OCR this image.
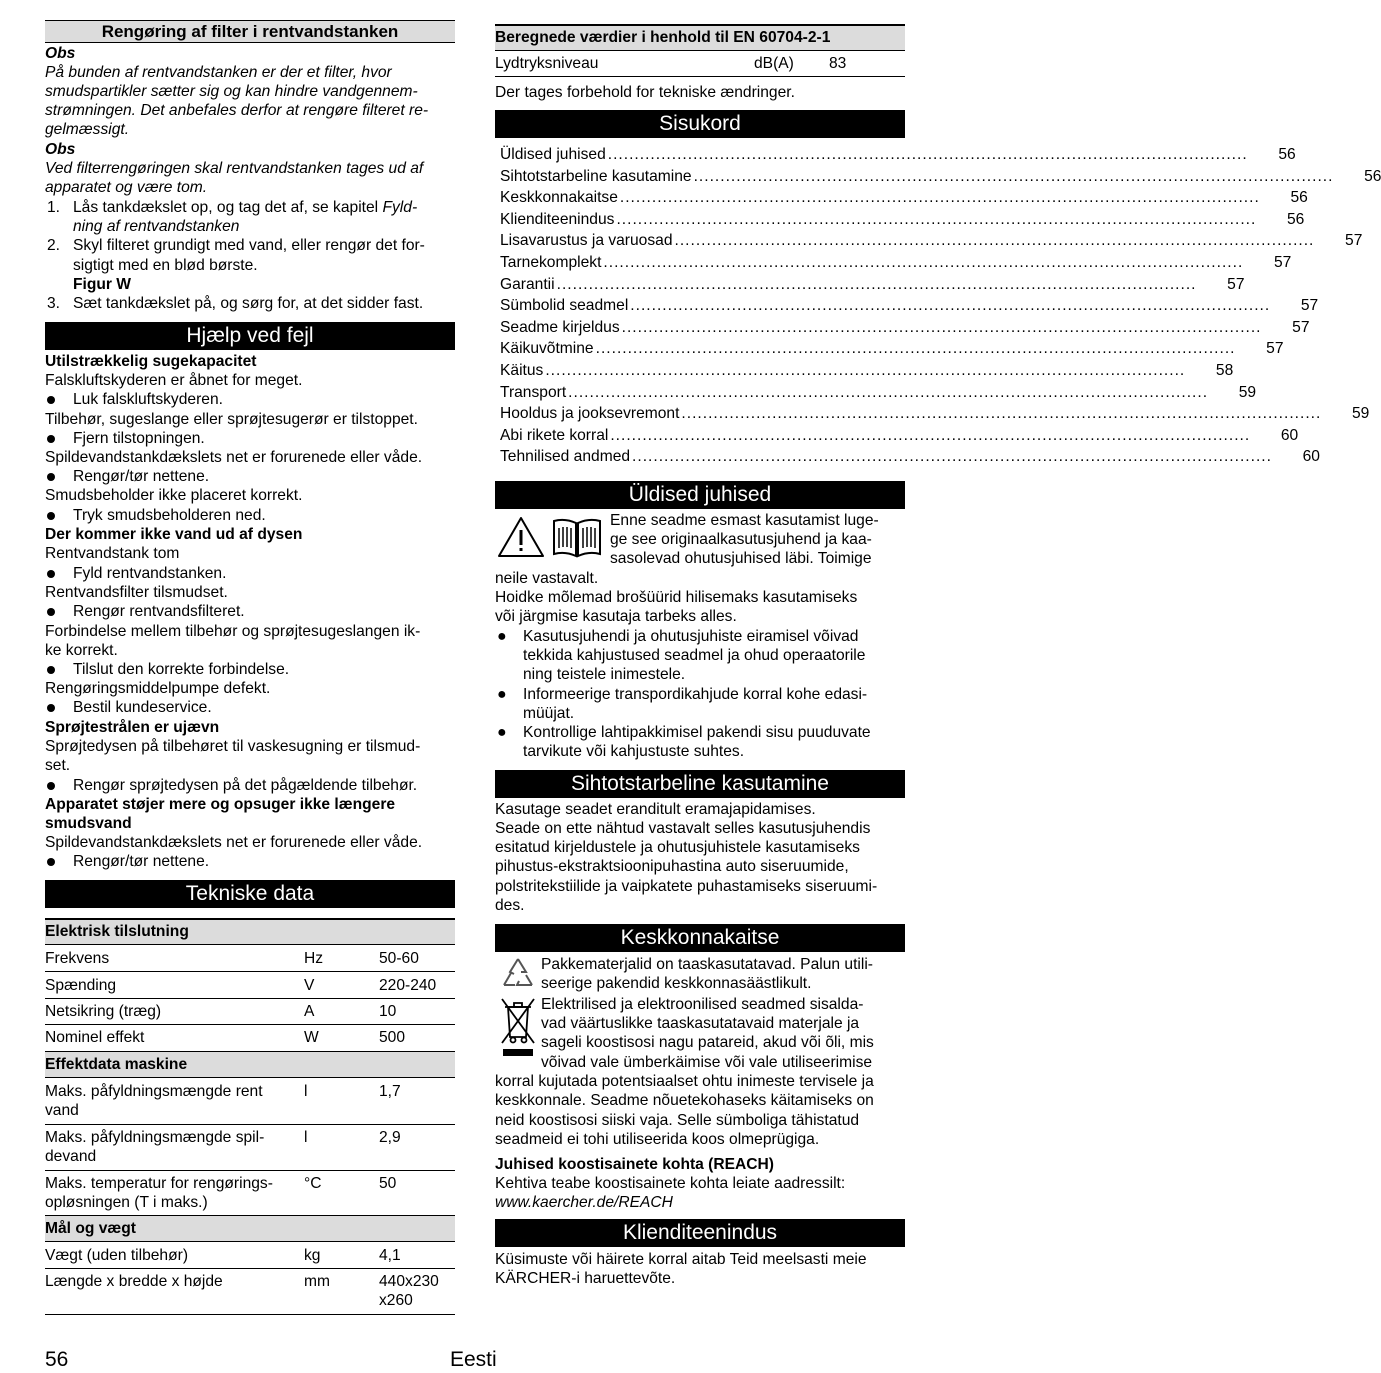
Rengøring af filter i rentvandstanken
Obs
På bunden af rentvandstanken er der et filter, hvor
smudspartikler sætter sig og kan hindre vandgennem-
strømningen. Det anbefales derfor at rengøre filteret re-
gelmæssigt.
Obs
Ved filterrengøringen skal rentvandstanken tages ud af
apparatet og være tom.
1. Lås tankdækslet op, og tag det af, se kapitel Fyld-
ning af rentvandstanken
2. Skyl filteret grundigt med vand, eller rengør det for-
sigtigt med en blød børste.
Figur W
3. Sæt tankdækslet på, og sørg for, at det sidder fast.
Hjælp ved fejl
Utilstrækkelig sugekapacitet
Falskluftskyderen er åbnet for meget.
Luk falskluftskyderen.
Tilbehør, sugeslange eller sprøjtesugerør er tilstoppet.
Fjern tilstopningen.
Spildevandstankdækslets net er forurenede eller våde.
Rengør/tør nettene.
Smudsbeholder ikke placeret korrekt.
Tryk smudsbeholderen ned.
Der kommer ikke vand ud af dysen
Rentvandstank tom
Fyld rentvandstanken.
Rentvandsfilter tilsmudset.
Rengør rentvandsfilteret.
Forbindelse mellem tilbehør og sprøjtesugeslangen ik-
ke korrekt.
Tilslut den korrekte forbindelse.
Rengøringsmiddelpumpe defekt.
Bestil kundeservice.
Sprøjtestrålen er ujævn
Sprøjtedysen på tilbehøret til vaskesugning er tilsmud-
set.
Rengør sprøjtedysen på det pågældende tilbehør.
Apparatet støjer mere og opsuger ikke længere
smudsvand
Spildevandstankdækslets net er forurenede eller våde.
Rengør/tør nettene.
Tekniske data
Elektrisk tilslutning
Frekvens	Hz	50-60
Spænding	V	220-240
Netsikring (træg)	A	10
Nominel effekt	W	500
Effektdata maskine
Maks. påfyldningsmængde rent
vand
l	1,7
Maks. påfyldningsmængde spil-
devand
l	2,9
Maks. temperatur for rengørings-
opløsningen (T i maks.)
°C	50
Mål og vægt
Vægt (uden tilbehør)	kg	4,1
Længde x bredde x højde	mm	440x230
x260
Beregnede værdier i henhold til EN 60704-2-1
Lydtryksniveau	dB(A) 83
Der tages forbehold for tekniske ændringer.
Sisukord
Üldised juhised ........................................................................................................................	56
Sihtotstarbeline kasutamine ........................................................................................................................	56
Keskkonnakaitse ........................................................................................................................	56
Klienditeenindus ........................................................................................................................	56
Lisavarustus ja varuosad ........................................................................................................................	57
Tarnekomplekt ........................................................................................................................	57
Garantii ........................................................................................................................	57
Sümbolid seadmel ........................................................................................................................	57
Seadme kirjeldus ........................................................................................................................	57
Käikuvõtmine ........................................................................................................................	57
Käitus ........................................................................................................................	58
Transport ........................................................................................................................	59
Hooldus ja jooksevremont ........................................................................................................................	59
Abi rikete korral ........................................................................................................................	60
Tehnilised andmed ........................................................................................................................	60
Üldised juhised
Enne seadme esmast kasutamist luge-
ge see originaalkasutusjuhend ja kaa-
sasolevad ohutusjuhised läbi. Toimige
neile vastavalt.
Hoidke mõlemad brošüürid hilisemaks kasutamiseks
või järgmise kasutaja tarbeks alles.
● Kasutusjuhendi ja ohutusjuhiste eiramisel võivad
tekkida kahjustused seadmel ja ohud operaatorile
ning teistele inimestele.
● Informeerige transpordikahjude korral kohe edasi-
müüjat.
● Kontrollige lahtipakkimisel pakendi sisu puuduvate
tarvikute või kahjustuste suhtes.
Sihtotstarbeline kasutamine
Kasutage seadet eranditult eramajapidamises.
Seade on ette nähtud vastavalt selles kasutusjuhendis
esitatud kirjeldustele ja ohutusjuhistele kasutamiseks
pihustus-ekstraktsioonipuhastina auto siseruumide,
polstritekstiilide ja vaipkatete puhastamiseks siseruumi-
des.
Keskkonnakaitse
Pakkematerjalid on taaskasutatavad. Palun utili-
seerige pakendid keskkonnasäästlikult.
Elektrilised ja elektroonilised seadmed sisalda-
vad väärtuslikke taaskasutatavaid materjale ja
sageli koostisosi nagu patareid, akud või õli, mis
võivad vale ümberkäimise või vale utiliseerimise
korral kujutada potentsiaalset ohtu inimeste tervisele ja
keskkonnale. Seadme nõuetekohaseks käitamiseks on
neid koostisosi siiski vaja. Selle sümboliga tähistatud
seadmeid ei tohi utiliseerida koos olmeprügiga.
Juhised koostisainete kohta (REACH)
Kehtiva teabe koostisainete kohta leiate aadressilt:
www.kaercher.de/REACH
Klienditeenindus
Küsimuste või häirete korral aitab Teid meelsasti meie
KÄRCHER-i haruettevõte.
56	Eesti
